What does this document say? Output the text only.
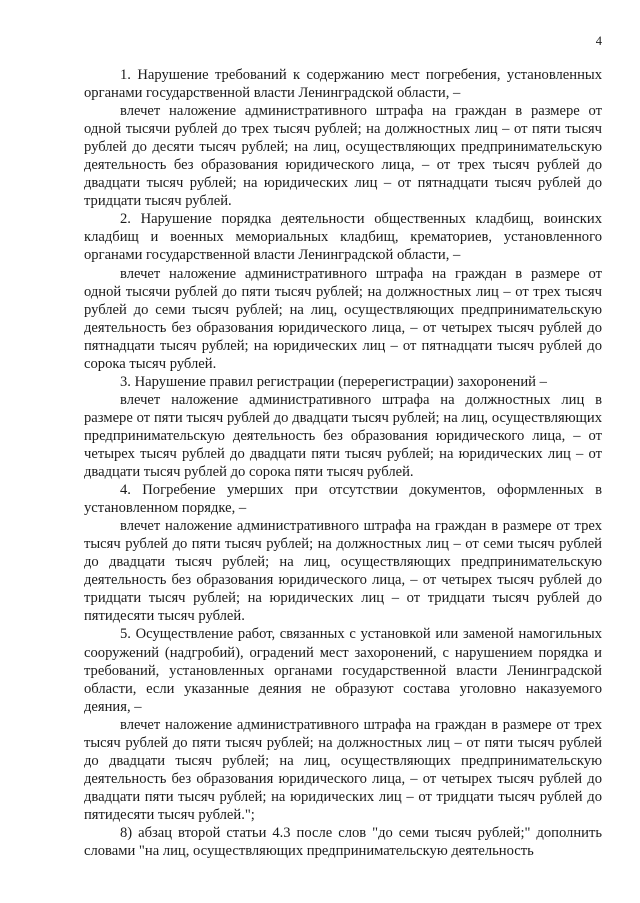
4

1. Нарушение требований к содержанию мест погребения, установленных органами государственной власти Ленинградской области, –

влечет наложение административного штрафа на граждан в размере от одной тысячи рублей до трех тысяч рублей; на должностных лиц – от пяти тысяч рублей до десяти тысяч рублей; на лиц, осуществляющих предпринимательскую деятельность без образования юридического лица, – от трех тысяч рублей до двадцати тысяч рублей; на юридических лиц – от пятнадцати тысяч рублей до тридцати тысяч рублей.

2. Нарушение порядка деятельности общественных кладбищ, воинских кладбищ и военных мемориальных кладбищ, крематориев, установленного органами государственной власти Ленинградской области, –

влечет наложение административного штрафа на граждан в размере от одной тысячи рублей до пяти тысяч рублей; на должностных лиц – от трех тысяч рублей до семи тысяч рублей; на лиц, осуществляющих предпринимательскую деятельность без образования юридического лица, – от четырех тысяч рублей до пятнадцати тысяч рублей; на юридических лиц – от пятнадцати тысяч рублей до сорока тысяч рублей.

3. Нарушение правил регистрации (перерегистрации) захоронений –

влечет наложение административного штрафа на должностных лиц в размере от пяти тысяч рублей до двадцати тысяч рублей; на лиц, осуществляющих предпринимательскую деятельность без образования юридического лица, – от четырех тысяч рублей до двадцати пяти тысяч рублей; на юридических лиц – от двадцати тысяч рублей до сорока пяти тысяч рублей.

4. Погребение умерших при отсутствии документов, оформленных в установленном порядке, –

влечет наложение административного штрафа на граждан в размере от трех тысяч рублей до пяти тысяч рублей; на должностных лиц – от семи тысяч рублей до двадцати тысяч рублей; на лиц, осуществляющих предпринимательскую деятельность без образования юридического лица, – от четырех тысяч рублей до тридцати тысяч рублей; на юридических лиц – от тридцати тысяч рублей до пятидесяти тысяч рублей.

5. Осуществление работ, связанных с установкой или заменой намогильных сооружений (надгробий), оградений мест захоронений, с нарушением порядка и требований, установленных органами государственной власти Ленинградской области, если указанные деяния не образуют состава уголовно наказуемого деяния, –

влечет наложение административного штрафа на граждан в размере от трех тысяч рублей до пяти тысяч рублей; на должностных лиц – от пяти тысяч рублей до двадцати тысяч рублей; на лиц, осуществляющих предпринимательскую деятельность без образования юридического лица, – от четырех тысяч рублей до двадцати пяти тысяч рублей; на юридических лиц – от тридцати тысяч рублей до пятидесяти тысяч рублей.";

8) абзац второй статьи 4.3 после слов "до семи тысяч рублей;" дополнить словами "на лиц, осуществляющих предпринимательскую деятельность
